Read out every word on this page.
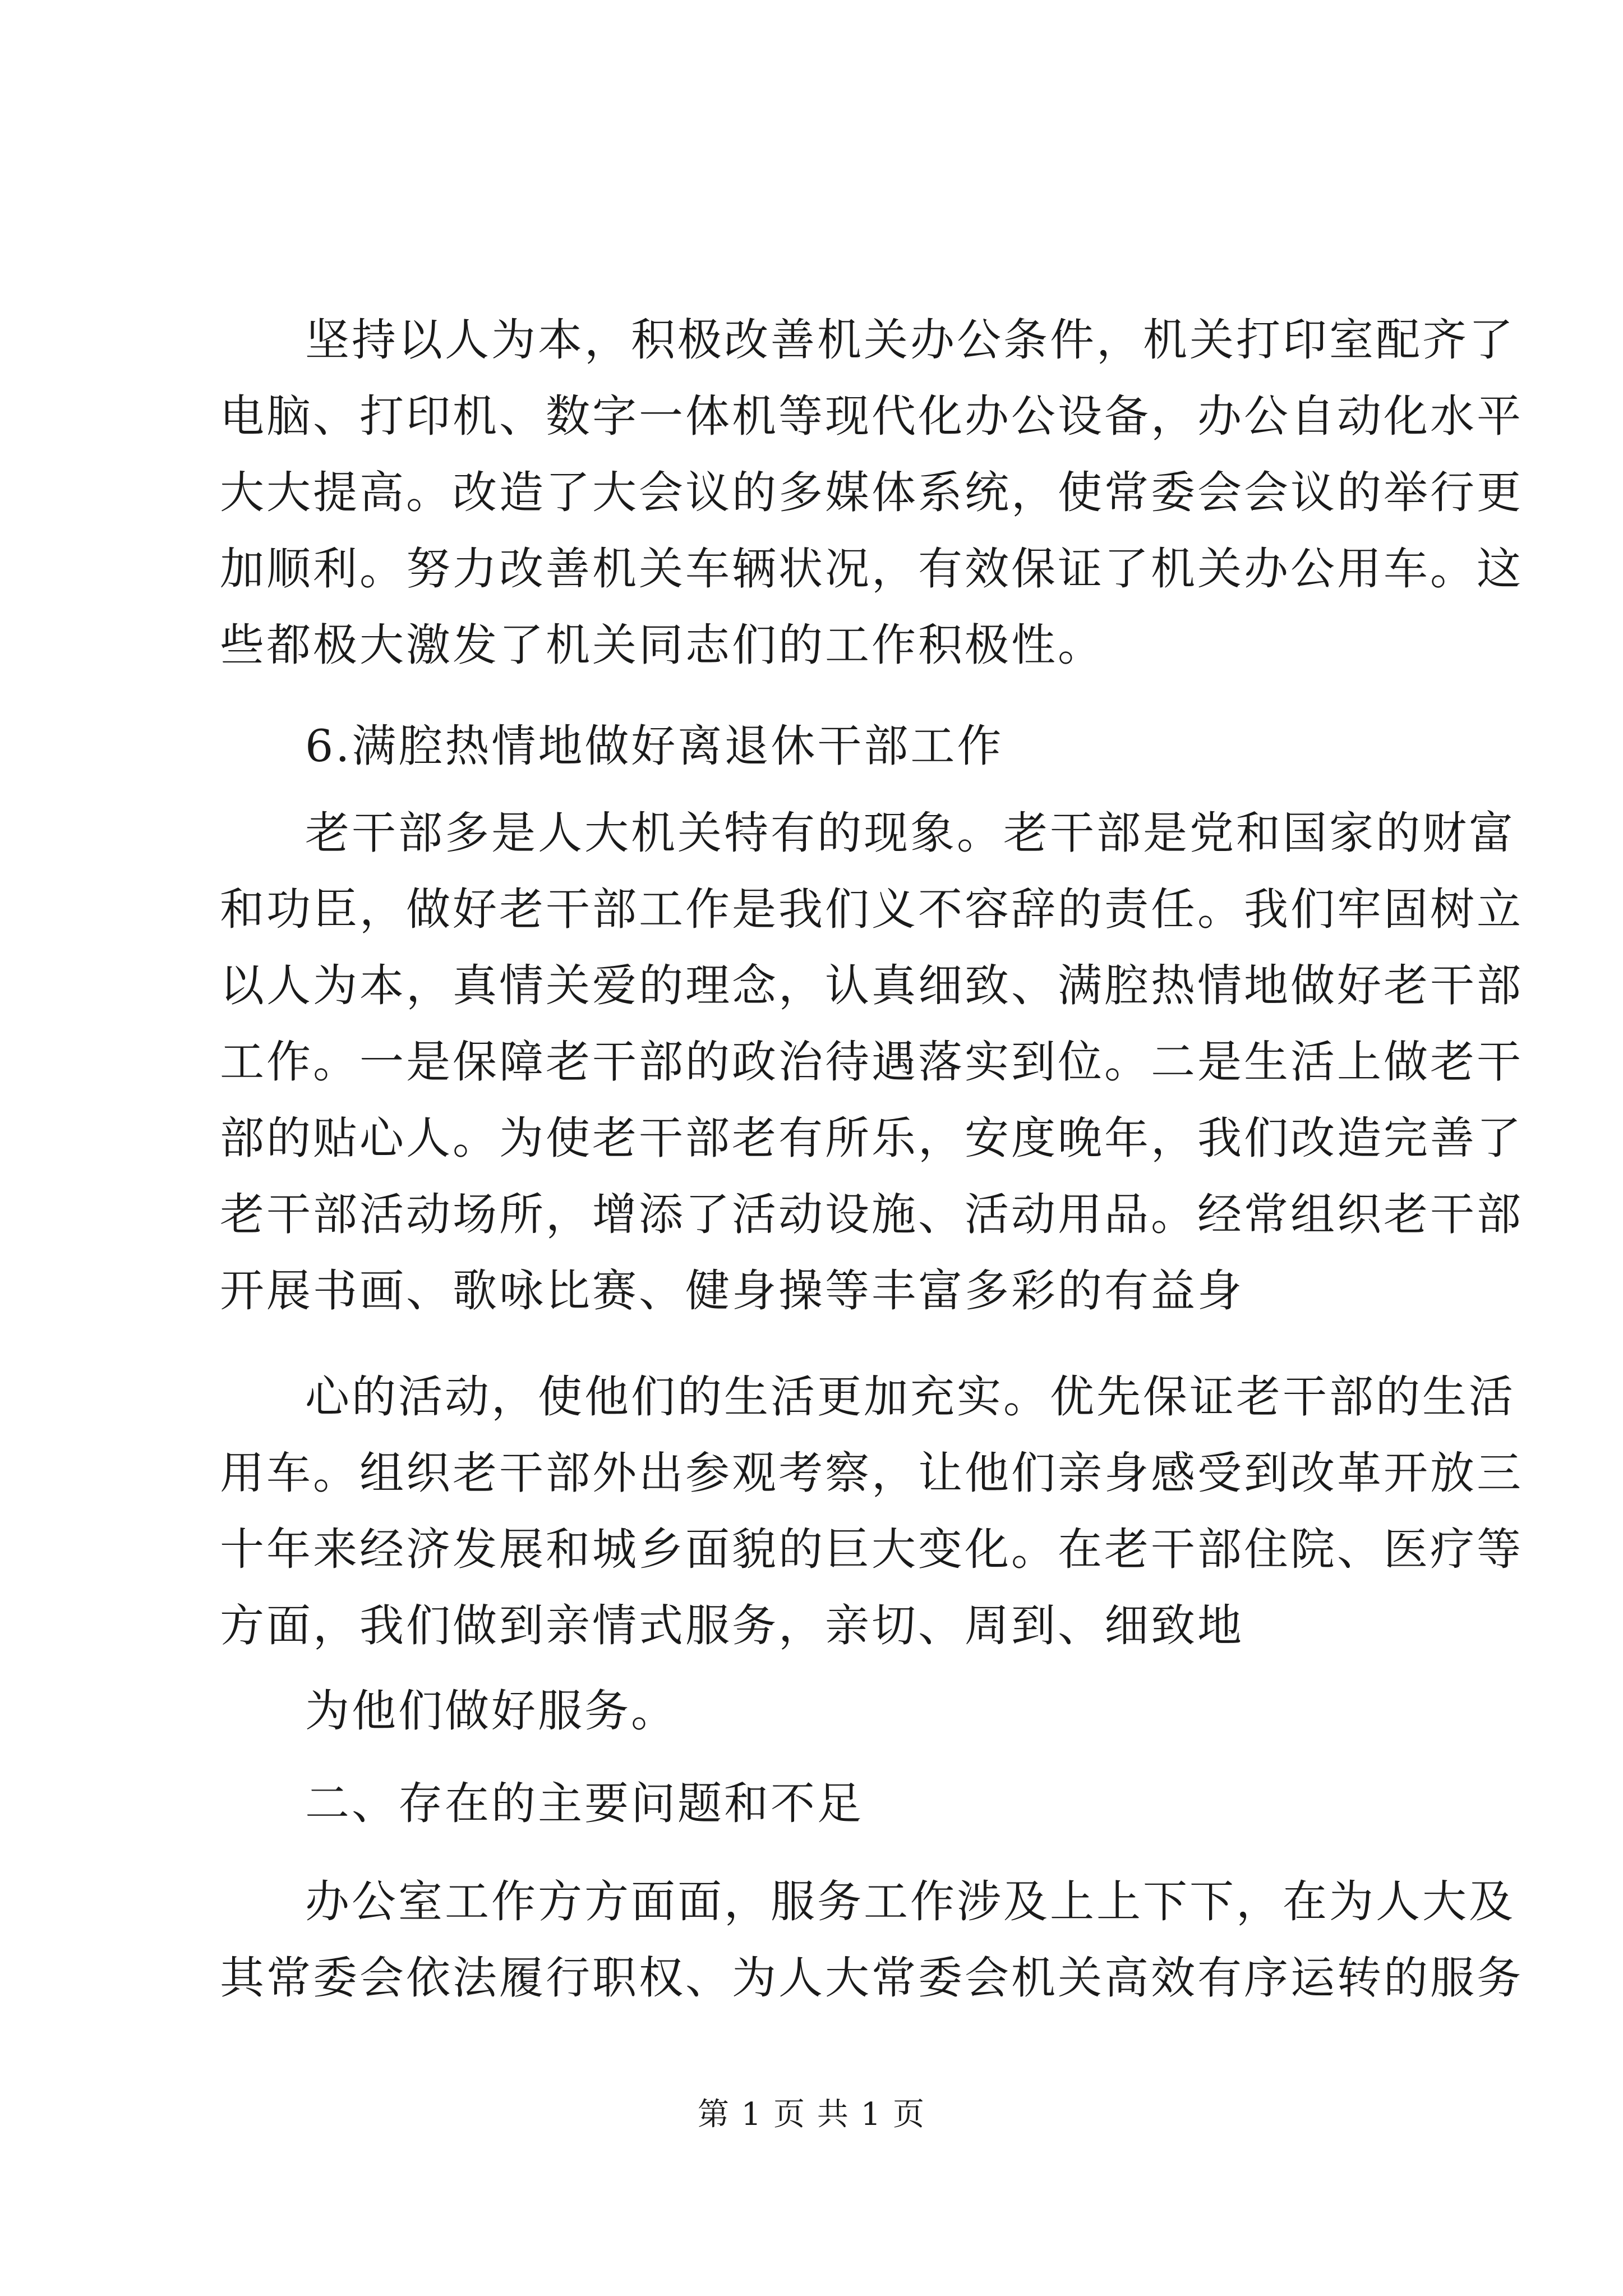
坚持以人为本，积极改善机关办公条件，机关打印室配齐了
电脑、打印机、数字一体机等现代化办公设备，办公自动化水平
大大提高。改造了大会议的多媒体系统，使常委会会议的举行更
加顺利。努力改善机关车辆状况，有效保证了机关办公用车。这
些都极大激发了机关同志们的工作积极性。
6.满腔热情地做好离退休干部工作
老干部多是人大机关特有的现象。老干部是党和国家的财富
和功臣，做好老干部工作是我们义不容辞的责任。我们牢固树立
以人为本，真情关爱的理念，认真细致、满腔热情地做好老干部
工作。一是保障老干部的政治待遇落实到位。二是生活上做老干
部的贴心人。为使老干部老有所乐，安度晚年，我们改造完善了
老干部活动场所，增添了活动设施、活动用品。经常组织老干部
开展书画、歌咏比赛、健身操等丰富多彩的有益身
心的活动，使他们的生活更加充实。优先保证老干部的生活
用车。组织老干部外出参观考察，让他们亲身感受到改革开放三
十年来经济发展和城乡面貌的巨大变化。在老干部住院、医疗等
方面，我们做到亲情式服务，亲切、周到、细致地
为他们做好服务。
二、存在的主要问题和不足
办公室工作方方面面，服务工作涉及上上下下，在为人大及
其常委会依法履行职权、为人大常委会机关高效有序运转的服务
第 1 页 共 1 页
